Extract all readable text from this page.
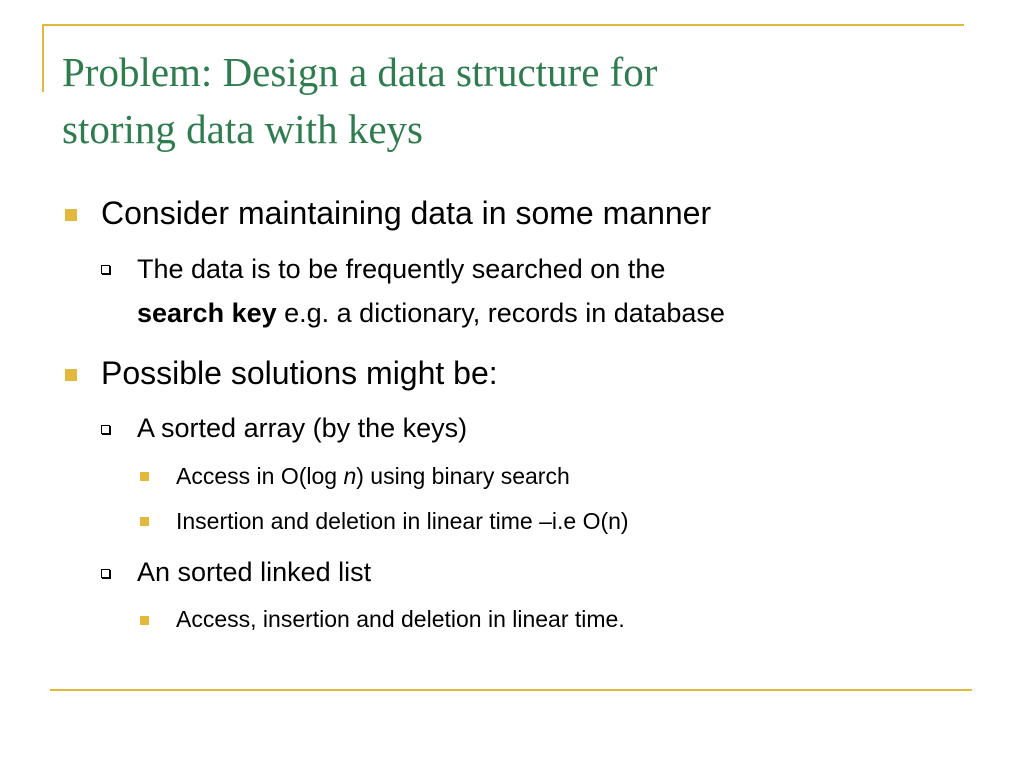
Problem: Design a data structure for
storing data with keys
Consider maintaining data in some manner
The data is to be frequently searched on the
search key e.g. a dictionary, records in database
Possible solutions might be:
A sorted array (by the keys)
Access in O(log n) using binary search
Insertion and deletion in linear time –i.e O(n)
An sorted linked list
Access, insertion and deletion in linear time.
